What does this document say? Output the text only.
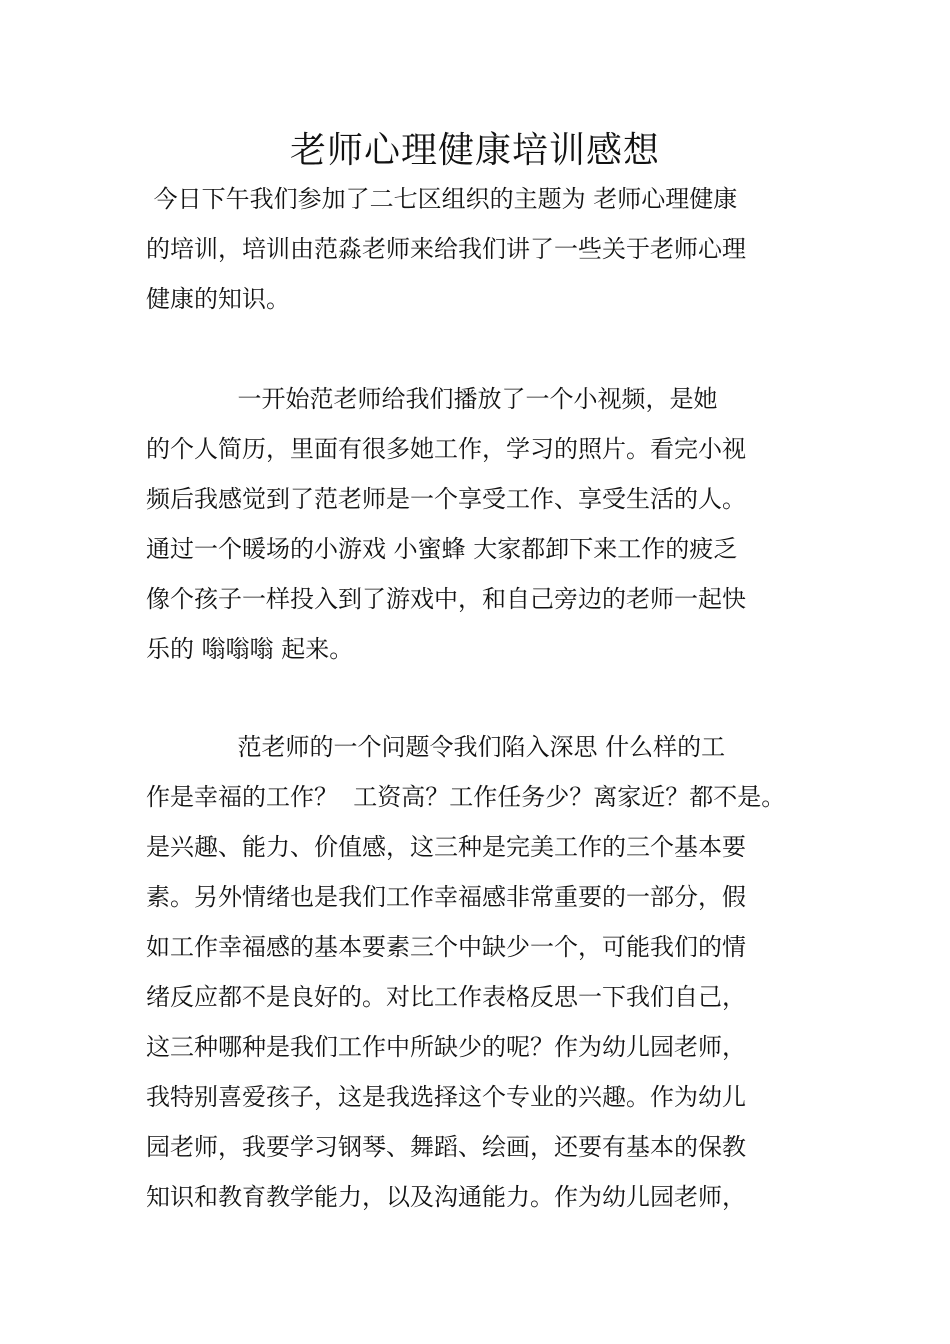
老师心理健康培训感想

今日下午我们参加了二七区组织的主题为 老师心理健康

的培训，培训由范淼老师来给我们讲了一些关于老师心理

健康的知识。

一开始范老师给我们播放了一个小视频，是她

的个人简历，里面有很多她工作，学习的照片。看完小视

频后我感觉到了范老师是一个享受工作、享受生活的人。

通过一个暖场的小游戏 小蜜蜂 大家都卸下来工作的疲乏

像个孩子一样投入到了游戏中，和自己旁边的老师一起快

乐的 嗡嗡嗡 起来。

范老师的一个问题令我们陷入深思 什么样的工

作是幸福的工作？  工资高？工作任务少？离家近？都不是。

是兴趣、能力、价值感，这三种是完美工作的三个基本要

素。另外情绪也是我们工作幸福感非常重要的一部分，假

如工作幸福感的基本要素三个中缺少一个，可能我们的情

绪反应都不是良好的。对比工作表格反思一下我们自己，

这三种哪种是我们工作中所缺少的呢？作为幼儿园老师，

我特别喜爱孩子，这是我选择这个专业的兴趣。作为幼儿

园老师，我要学习钢琴、舞蹈、绘画，还要有基本的保教

知识和教育教学能力，以及沟通能力。作为幼儿园老师，
